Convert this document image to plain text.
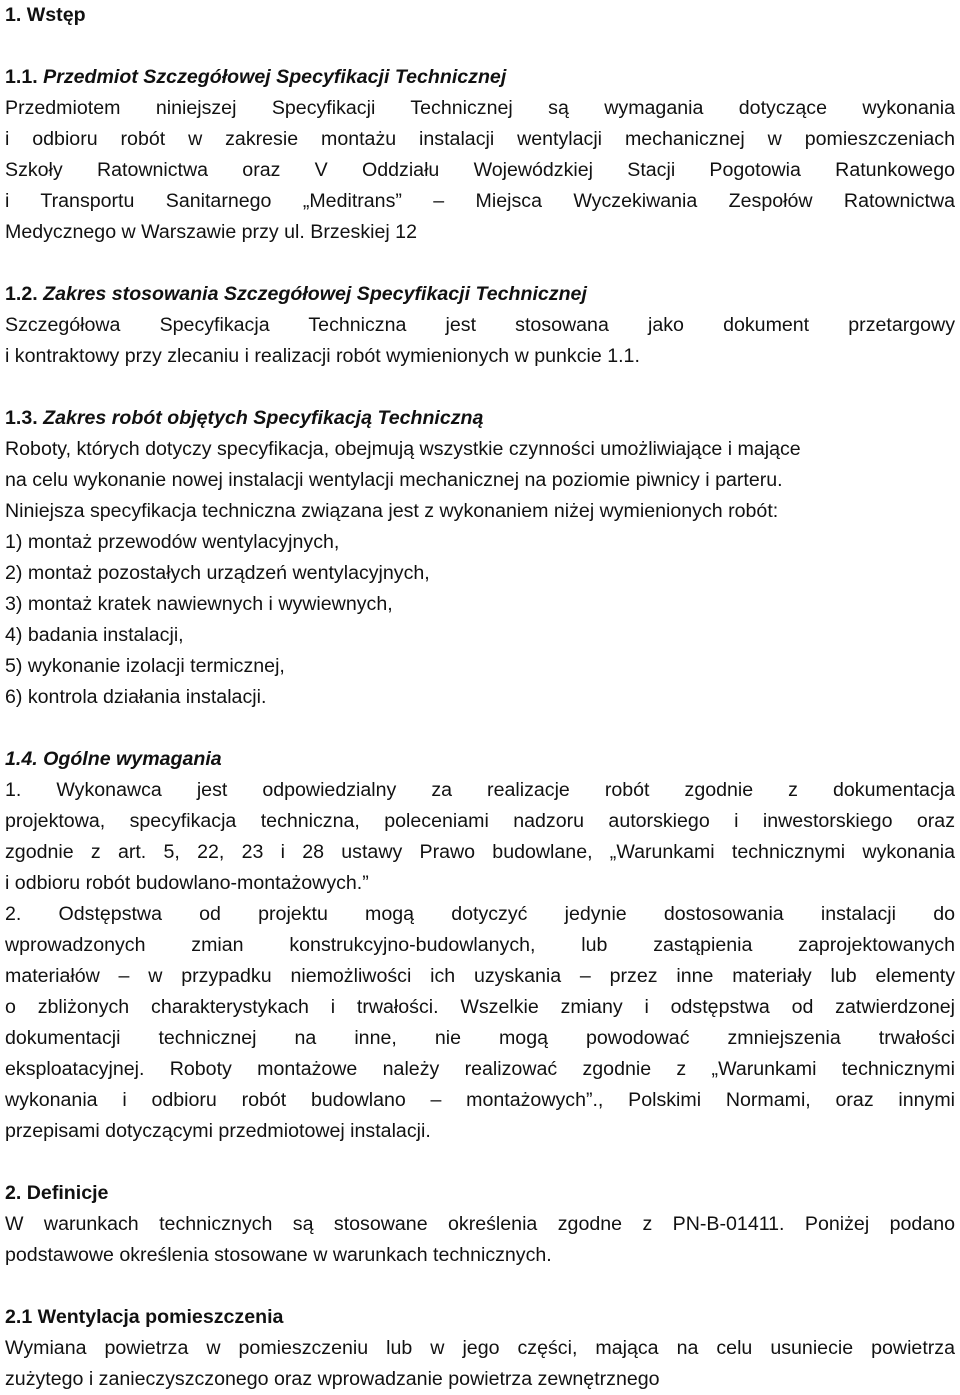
1. Wstęp
1.1. Przedmiot Szczegółowej Specyfikacji Technicznej
Przedmiotem niniejszej Specyfikacji Technicznej są wymagania dotyczące wykonania
i odbioru robót w zakresie montażu instalacji wentylacji mechanicznej w pomieszczeniach
Szkoły Ratownictwa oraz V Oddziału Wojewódzkiej Stacji Pogotowia Ratunkowego
i Transportu Sanitarnego „Meditrans” – Miejsca Wyczekiwania Zespołów Ratownictwa
Medycznego w Warszawie przy ul. Brzeskiej 12
1.2. Zakres stosowania Szczegółowej Specyfikacji Technicznej
Szczegółowa Specyfikacja Techniczna jest stosowana jako dokument przetargowy
i kontraktowy przy zlecaniu i realizacji robót wymienionych w punkcie 1.1.
1.3. Zakres robót objętych Specyfikacją Techniczną
Roboty, których dotyczy specyfikacja, obejmują wszystkie czynności umożliwiające i mające
na celu wykonanie nowej instalacji wentylacji mechanicznej na poziomie piwnicy i parteru.
Niniejsza specyfikacja techniczna związana jest z wykonaniem niżej wymienionych robót:
1) montaż przewodów wentylacyjnych,
2) montaż pozostałych urządzeń wentylacyjnych,
3) montaż kratek nawiewnych i wywiewnych,
4) badania instalacji,
5) wykonanie izolacji termicznej,
6) kontrola działania instalacji.
1.4. Ogólne wymagania
1. Wykonawca jest odpowiedzialny za realizacje robót zgodnie z dokumentacja
projektowa, specyfikacja techniczna, poleceniami nadzoru autorskiego i inwestorskiego oraz
zgodnie z art. 5, 22, 23 i 28 ustawy Prawo budowlane, „Warunkami technicznymi wykonania
i odbioru robót budowlano-montażowych.”
2. Odstępstwa od projektu mogą dotyczyć jedynie dostosowania instalacji do
wprowadzonych zmian konstrukcyjno-budowlanych, lub zastąpienia zaprojektowanych
materiałów – w przypadku niemożliwości ich uzyskania – przez inne materiały lub elementy
o zbliżonych charakterystykach i trwałości. Wszelkie zmiany i odstępstwa od zatwierdzonej
dokumentacji technicznej na inne, nie mogą powodować zmniejszenia trwałości
eksploatacyjnej. Roboty montażowe należy realizować zgodnie z „Warunkami technicznymi
wykonania i odbioru robót budowlano – montażowych”., Polskimi Normami, oraz innymi
przepisami dotyczącymi przedmiotowej instalacji.
2. Definicje
W warunkach technicznych są stosowane określenia zgodne z PN-B-01411. Poniżej podano
podstawowe określenia stosowane w warunkach technicznych.
2.1 Wentylacja pomieszczenia
Wymiana powietrza w pomieszczeniu lub w jego części, mająca na celu usuniecie powietrza
zużytego i zanieczyszczonego oraz wprowadzanie powietrza zewnętrznego
